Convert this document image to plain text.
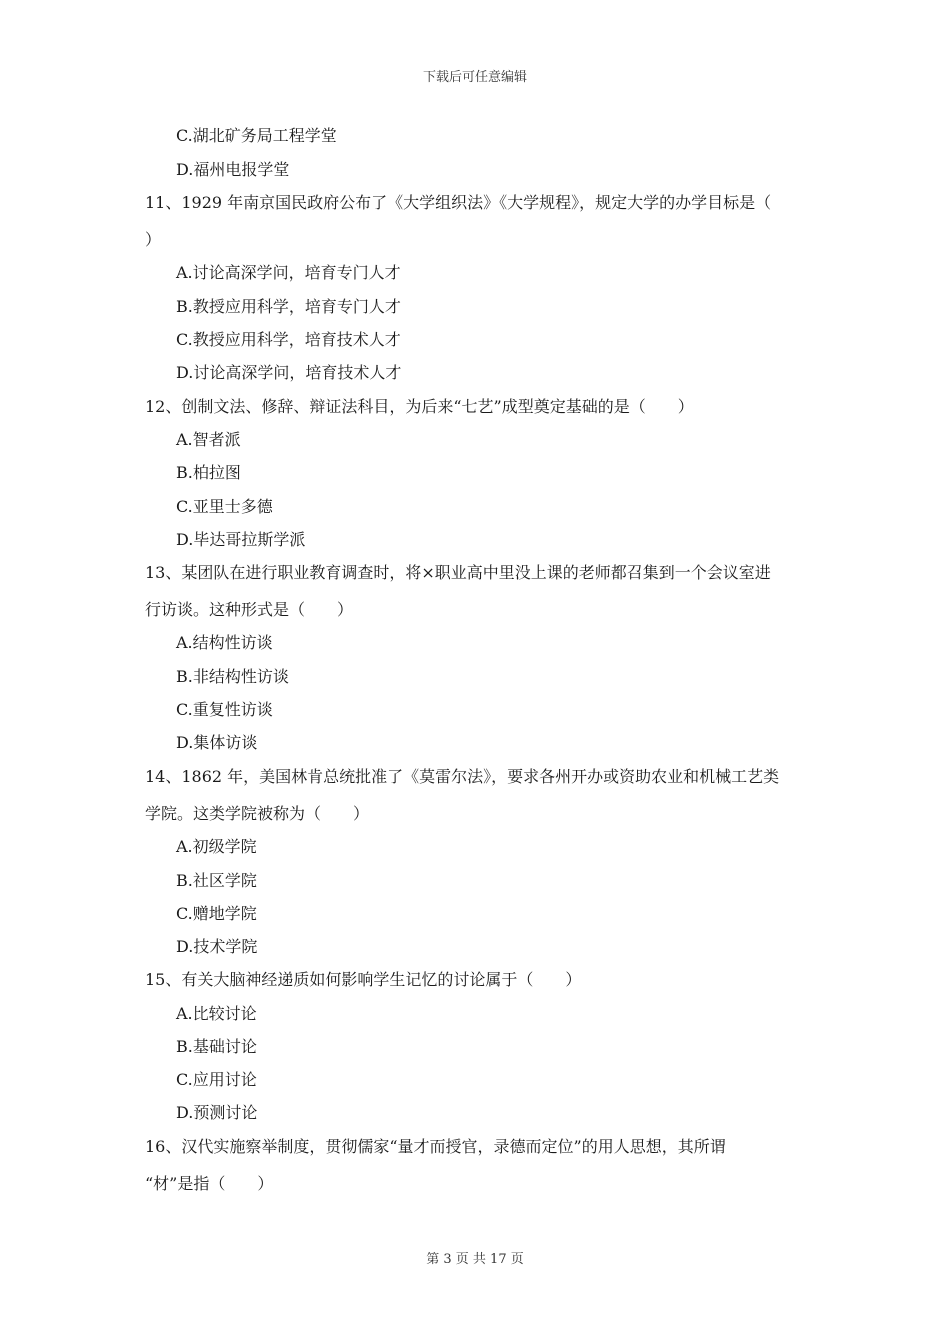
下载后可任意编辑
C.湖北矿务局工程学堂
D.福州电报学堂
11、1929 年南京国民政府公布了《大学组织法》《大学规程》，规定大学的办学目标是（
）
A.讨论高深学问，培育专门人才
B.教授应用科学，培育专门人才
C.教授应用科学，培育技术人才
D.讨论高深学问，培育技术人才
12、创制文法、修辞、辩证法科目，为后来“七艺”成型奠定基础的是（　　）
A.智者派
B.柏拉图
C.亚里士多德
D.毕达哥拉斯学派
13、某团队在进行职业教育调查时，将×职业高中里没上课的老师都召集到一个会议室进
行访谈。这种形式是（　　）
A.结构性访谈
B.非结构性访谈
C.重复性访谈
D.集体访谈
14、1862 年，美国林肯总统批准了《莫雷尔法》，要求各州开办或资助农业和机械工艺类
学院。这类学院被称为（　　）
A.初级学院
B.社区学院
C.赠地学院
D.技术学院
15、有关大脑神经递质如何影响学生记忆的讨论属于（　　）
A.比较讨论
B.基础讨论
C.应用讨论
D.预测讨论
16、汉代实施察举制度，贯彻儒家“量才而授官，录德而定位”的用人思想，其所谓
“材”是指（　　）
第 3 页 共 17 页
